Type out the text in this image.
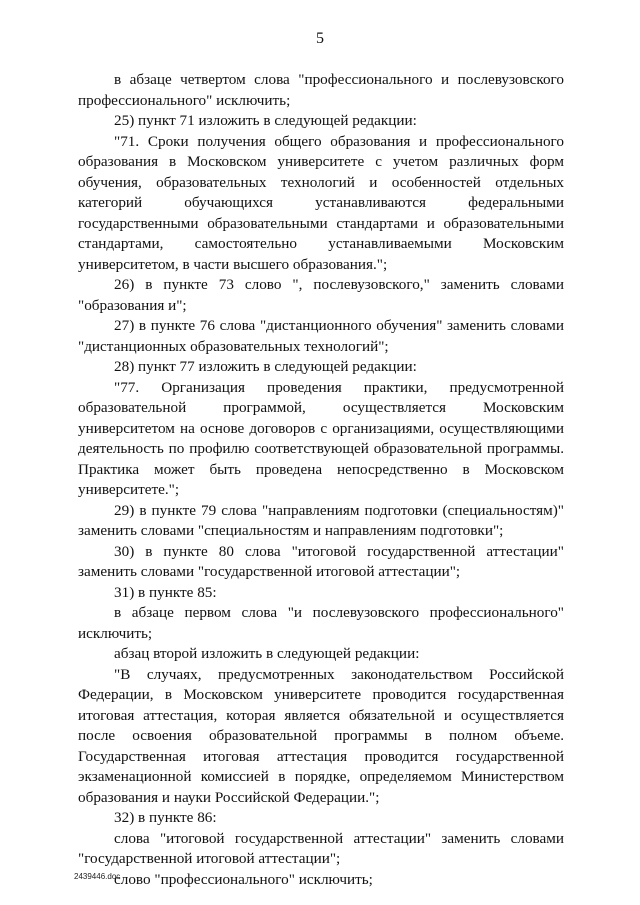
5

в абзаце четвертом слова "профессионального и послевузовского профессионального" исключить;

25) пункт 71 изложить в следующей редакции:

"71. Сроки получения общего образования и профессионального образования в Московском университете с учетом различных форм обучения, образовательных технологий и особенностей отдельных категорий обучающихся устанавливаются федеральными государственными образовательными стандартами и образовательными стандартами, самостоятельно устанавливаемыми Московским университетом, в части высшего образования.";

26) в пункте 73 слово ", послевузовского," заменить словами "образования и";

27) в пункте 76 слова "дистанционного обучения" заменить словами "дистанционных образовательных технологий";

28) пункт 77 изложить в следующей редакции:

"77. Организация проведения практики, предусмотренной образовательной программой, осуществляется Московским университетом на основе договоров с организациями, осуществляющими деятельность по профилю соответствующей образовательной программы. Практика может быть проведена непосредственно в Московском университете.";

29) в пункте 79 слова "направлениям подготовки (специальностям)" заменить словами "специальностям и направлениям подготовки";

30) в пункте 80 слова "итоговой государственной аттестации" заменить словами "государственной итоговой аттестации";

31) в пункте 85:

в абзаце первом слова "и послевузовского профессионального" исключить;

абзац второй изложить в следующей редакции:

"В случаях, предусмотренных законодательством Российской Федерации, в Московском университете проводится государственная итоговая аттестация, которая является обязательной и осуществляется после освоения образовательной программы в полном объеме. Государственная итоговая аттестация проводится государственной экзаменационной комиссией в порядке, определяемом Министерством образования и науки Российской Федерации.";

32) в пункте 86:

слова "итоговой государственной аттестации" заменить словами "государственной итоговой аттестации";

слово "профессионального" исключить;

2439446.doc
